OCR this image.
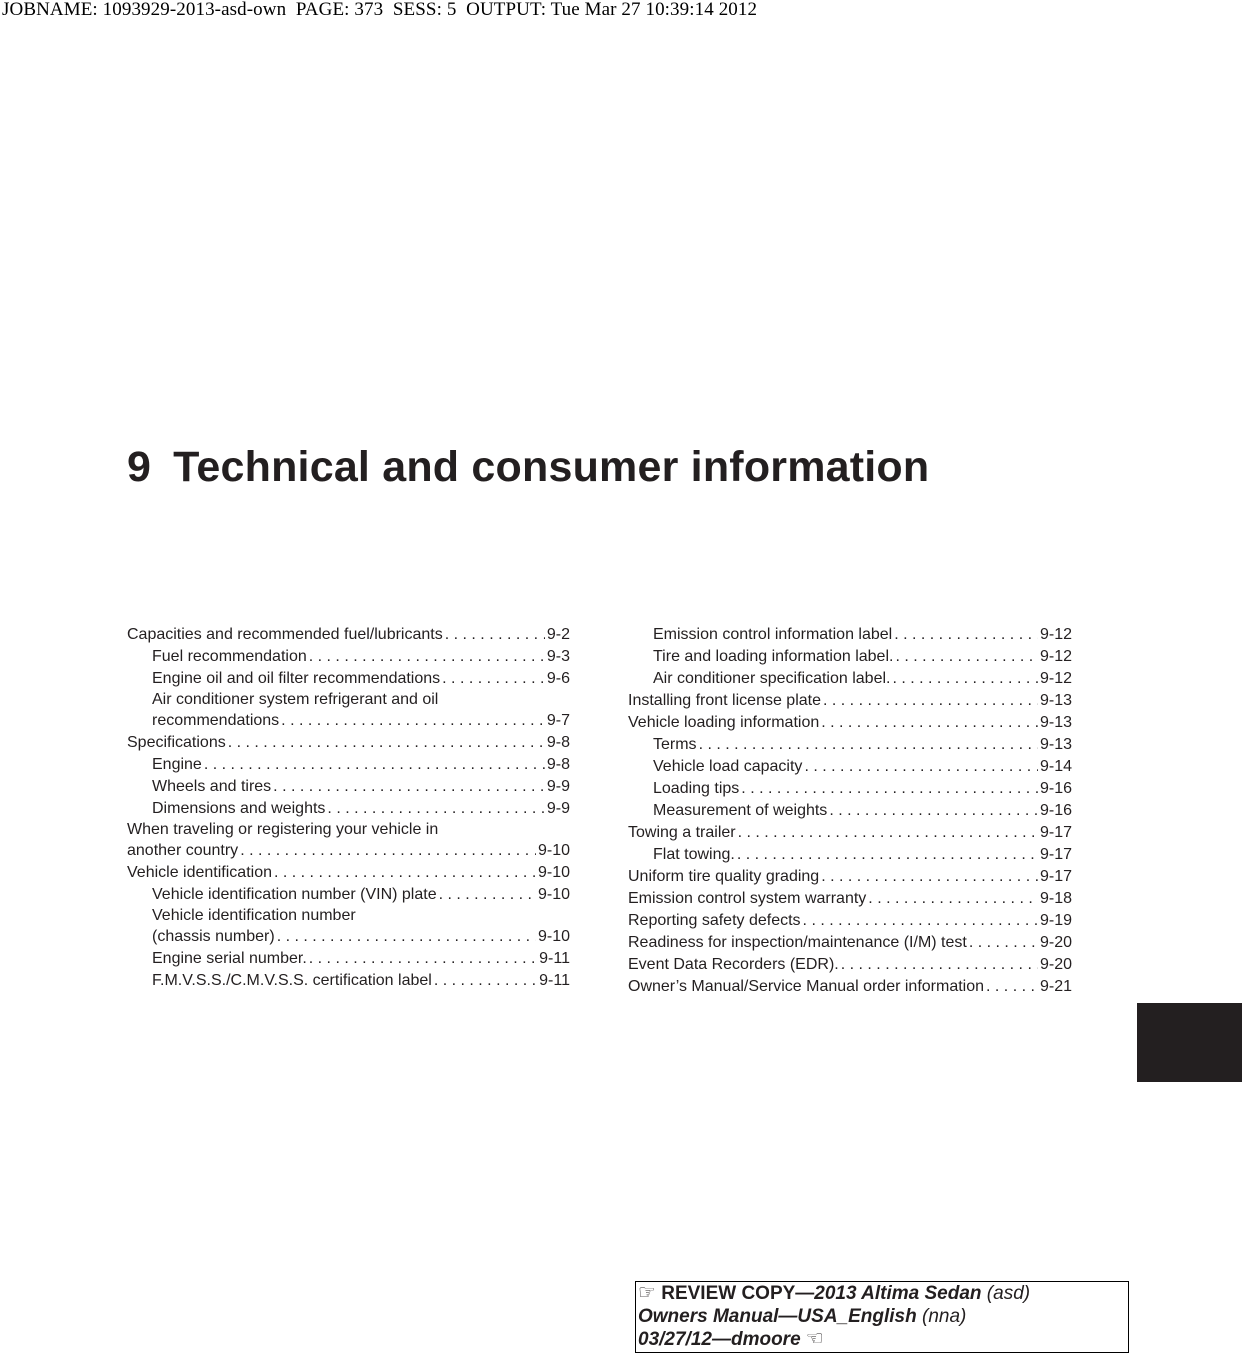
JOBNAME: 1093929-2013-asd-own  PAGE: 373  SESS: 5  OUTPUT: Tue Mar 27 10:39:14 2012
9 Technical and consumer information
Capacities and recommended fuel/lubricants . . .	9-2
Fuel recommendation . . .	9-3
Engine oil and oil filter recommendations . . .	9-6
Air conditioner system refrigerant and oil
recommendations . . .	9-7
Specifications . . .	9-8
Engine . . .	9-8
Wheels and tires . . .	9-9
Dimensions and weights . . .	9-9
When traveling or registering your vehicle in
another country . . .	9-10
Vehicle identification . . .	9-10
Vehicle identification number (VIN) plate . . .	9-10
Vehicle identification number
(chassis number) . . .	9-10
Engine serial number. . . .	9-11
F.M.V.S.S./C.M.V.S.S. certification label . . .	9-11
Emission control information label . . .	9-12
Tire and loading information label. . . .	9-12
Air conditioner specification label. . . .	9-12
Installing front license plate . . .	9-13
Vehicle loading information . . .	9-13
Terms . . .	9-13
Vehicle load capacity . . .	9-14
Loading tips . . .	9-16
Measurement of weights . . .	9-16
Towing a trailer . . .	9-17
Flat towing. . . .	9-17
Uniform tire quality grading . . .	9-17
Emission control system warranty . . .	9-18
Reporting safety defects . . .	9-19
Readiness for inspection/maintenance (I/M) test . . .	9-20
Event Data Recorders (EDR). . . .	9-20
Owner’s Manual/Service Manual order information . . .	9-21
☞ REVIEW COPY—2013 Altima Sedan (asd)
Owners Manual—USA_English (nna)
03/27/12—dmoore ☜
